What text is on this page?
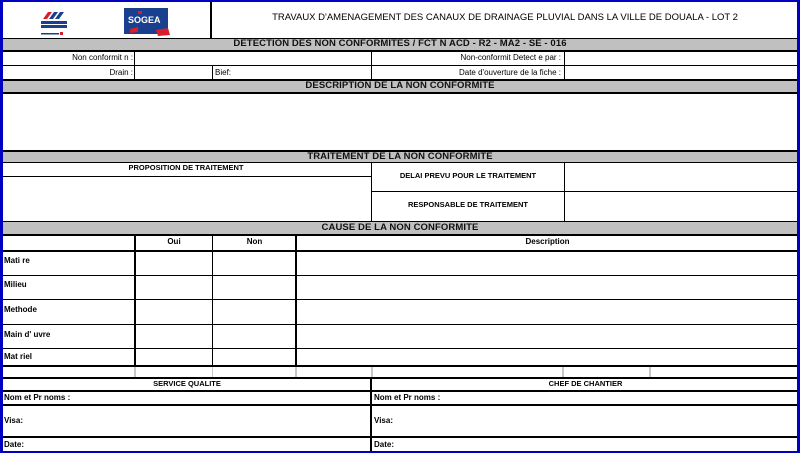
SOGEA	TRAVAUX D'AMENAGEMENT DES CANAUX DE DRAINAGE PLUVIAL DANS LA VILLE DE DOUALA - LOT 2
DETECTION DES NON CONFORMITES / FCT N ACD - R2 - MA2 - SE - 016
Non conformit n :	Non-conformit Detect e par :
Drain :	Bief:	Date d'ouverture de la fiche :
DESCRIPTION DE LA NON CONFORMITE
TRAITEMENT DE LA NON CONFORMITE
PROPOSITION DE TRAITEMENT
DELAI PREVU POUR LE TRAITEMENT
RESPONSABLE DE TRAITEMENT
CAUSE DE LA NON CONFORMITE
Oui	Non	Description
Mati re
Milieu
Methode
Main d' uvre
Mat riel
SERVICE QUALITE	CHEF DE CHANTIER
Nom et Pr noms :	Nom et Pr noms :
Visa:	Visa:
Date:	Date:
